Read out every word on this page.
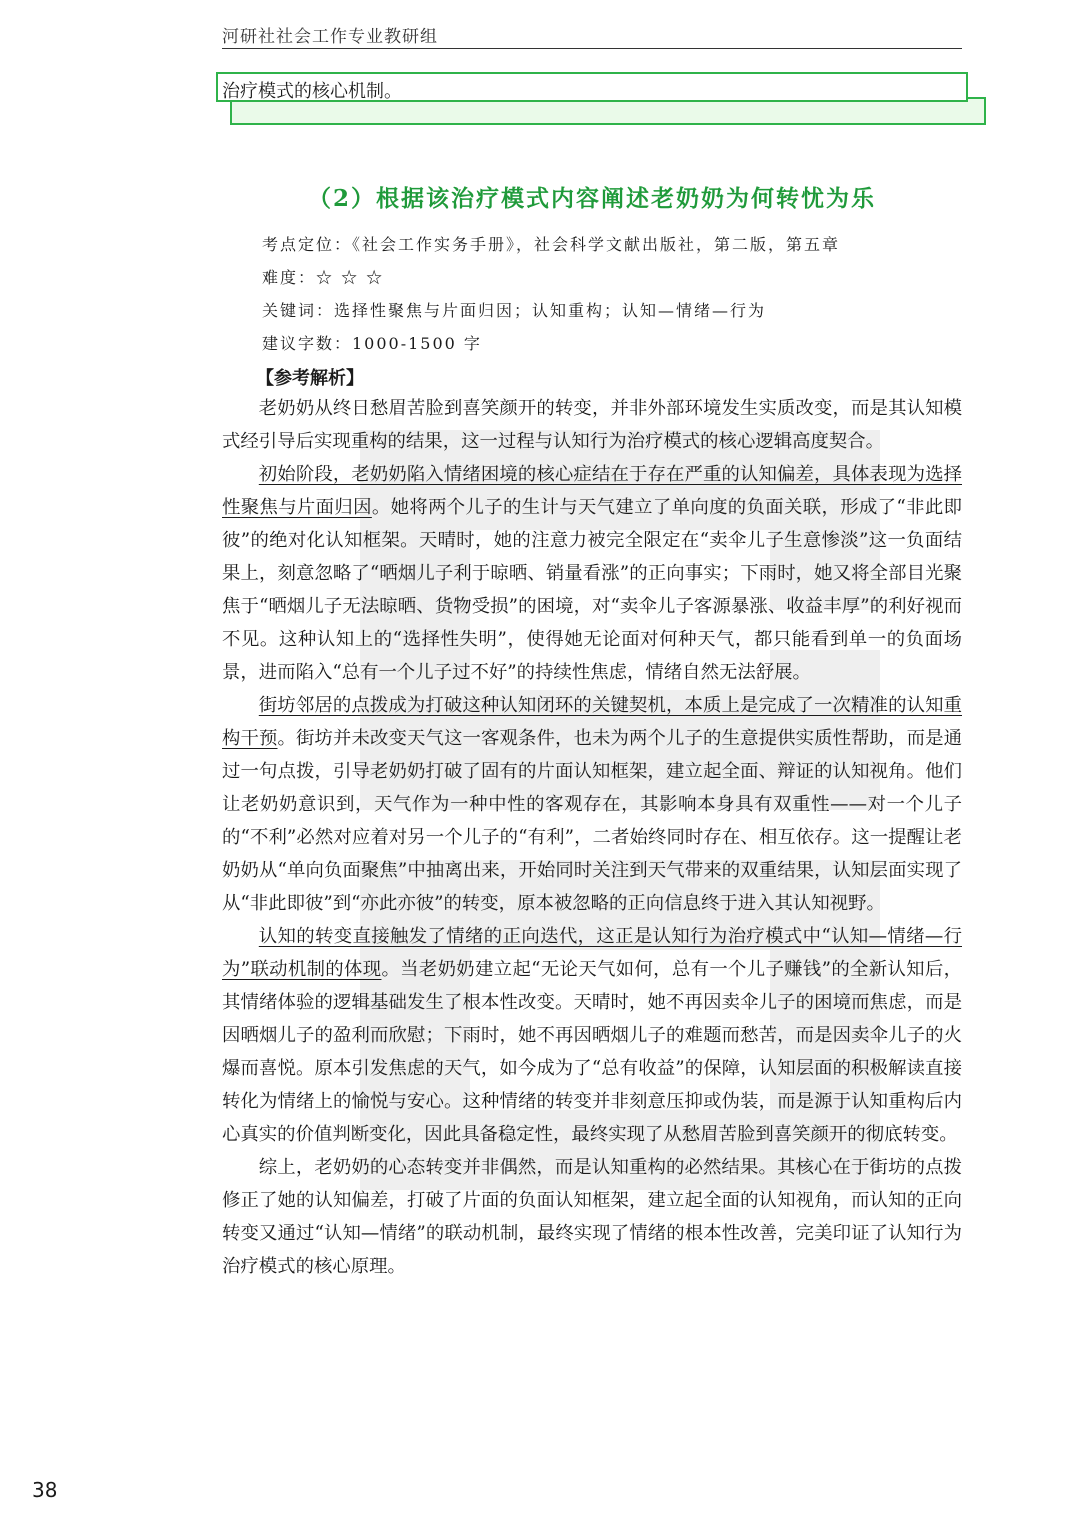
河研社社会工作专业教研组
治疗模式的核心机制。
（2）根据该治疗模式内容阐述老奶奶为何转忧为乐
考点定位：《社会工作实务手册》，社会科学文献出版社，第二版，第五章
难度：☆ ☆ ☆
关键词：选择性聚焦与片面归因；认知重构；认知—情绪—行为
建议字数：1000-1500 字
【参考解析】

老奶奶从终日愁眉苦脸到喜笑颜开的转变，并非外部环境发生实质改变，而是其认知模式经引导后实现重构的结果，这一过程与认知行为治疗模式的核心逻辑高度契合。

初始阶段，老奶奶陷入情绪困境的核心症结在于存在严重的认知偏差，具体表现为选择性聚焦与片面归因。她将两个儿子的生计与天气建立了单向度的负面关联，形成了“非此即彼”的绝对化认知框架。天晴时，她的注意力被完全限定在“卖伞儿子生意惨淡”这一负面结果上，刻意忽略了“晒烟儿子利于晾晒、销量看涨”的正向事实；下雨时，她又将全部目光聚焦于“晒烟儿子无法晾晒、货物受损”的困境，对“卖伞儿子客源暴涨、收益丰厚”的利好视而不见。这种认知上的“选择性失明”，使得她无论面对何种天气，都只能看到单一的负面场景，进而陷入“总有一个儿子过不好”的持续性焦虑，情绪自然无法舒展。

街坊邻居的点拨成为打破这种认知闭环的关键契机，本质上是完成了一次精准的认知重构干预。街坊并未改变天气这一客观条件，也未为两个儿子的生意提供实质性帮助，而是通过一句点拨，引导老奶奶打破了固有的片面认知框架，建立起全面、辩证的认知视角。他们让老奶奶意识到，天气作为一种中性的客观存在，其影响本身具有双重性——对一个儿子的“不利”必然对应着对另一个儿子的“有利”，二者始终同时存在、相互依存。这一提醒让老奶奶从“单向负面聚焦”中抽离出来，开始同时关注到天气带来的双重结果，认知层面实现了从“非此即彼”到“亦此亦彼”的转变，原本被忽略的正向信息终于进入其认知视野。

认知的转变直接触发了情绪的正向迭代，这正是认知行为治疗模式中“认知—情绪—行为”联动机制的体现。当老奶奶建立起“无论天气如何，总有一个儿子赚钱”的全新认知后，其情绪体验的逻辑基础发生了根本性改变。天晴时，她不再因卖伞儿子的困境而焦虑，而是因晒烟儿子的盈利而欣慰；下雨时，她不再因晒烟儿子的难题而愁苦，而是因卖伞儿子的火爆而喜悦。原本引发焦虑的天气，如今成为了“总有收益”的保障，认知层面的积极解读直接转化为情绪上的愉悦与安心。这种情绪的转变并非刻意压抑或伪装，而是源于认知重构后内心真实的价值判断变化，因此具备稳定性，最终实现了从愁眉苦脸到喜笑颜开的彻底转变。

综上，老奶奶的心态转变并非偶然，而是认知重构的必然结果。其核心在于街坊的点拨修正了她的认知偏差，打破了片面的负面认知框架，建立起全面的认知视角，而认知的正向转变又通过“认知—情绪”的联动机制，最终实现了情绪的根本性改善，完美印证了认知行为治疗模式的核心原理。

38
